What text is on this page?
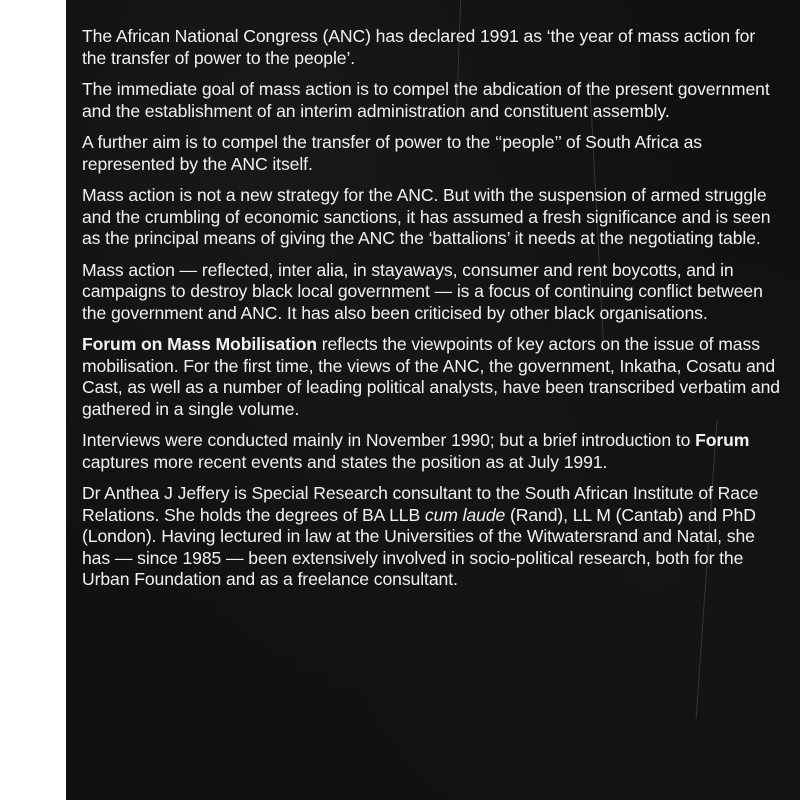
The African National Congress (ANC) has declared 1991 as ‘the year of mass action for the transfer of power to the people’.

The immediate goal of mass action is to compel the abdication of the present government and the establishment of an interim administration and constituent assembly.

A further aim is to compel the transfer of power to the ‘‘people’’ of South Africa as represented by the ANC itself.

Mass action is not a new strategy for the ANC. But with the suspension of armed struggle and the crumbling of economic sanctions, it has assumed a fresh significance and is seen as the principal means of giving the ANC the ‘battalions’ it needs at the negotiating table.

Mass action — reflected, inter alia, in stayaways, consumer and rent boycotts, and in campaigns to destroy black local government — is a focus of continuing conflict between the government and ANC. It has also been criticised by other black organisations.

Forum on Mass Mobilisation reflects the viewpoints of key actors on the issue of mass mobilisation. For the first time, the views of the ANC, the government, Inkatha, Cosatu and Cast, as well as a number of leading political analysts, have been transcribed verbatim and gathered in a single volume.

Interviews were conducted mainly in November 1990; but a brief introduction to Forum captures more recent events and states the position as at July 1991.

Dr Anthea J Jeffery is Special Research consultant to the South African Institute of Race Relations. She holds the degrees of BA LLB cum laude (Rand), LL M (Cantab) and PhD (London). Having lectured in law at the Universities of the Witwatersrand and Natal, she has — since 1985 — been extensively involved in socio-political research, both for the Urban Foundation and as a freelance consultant.
